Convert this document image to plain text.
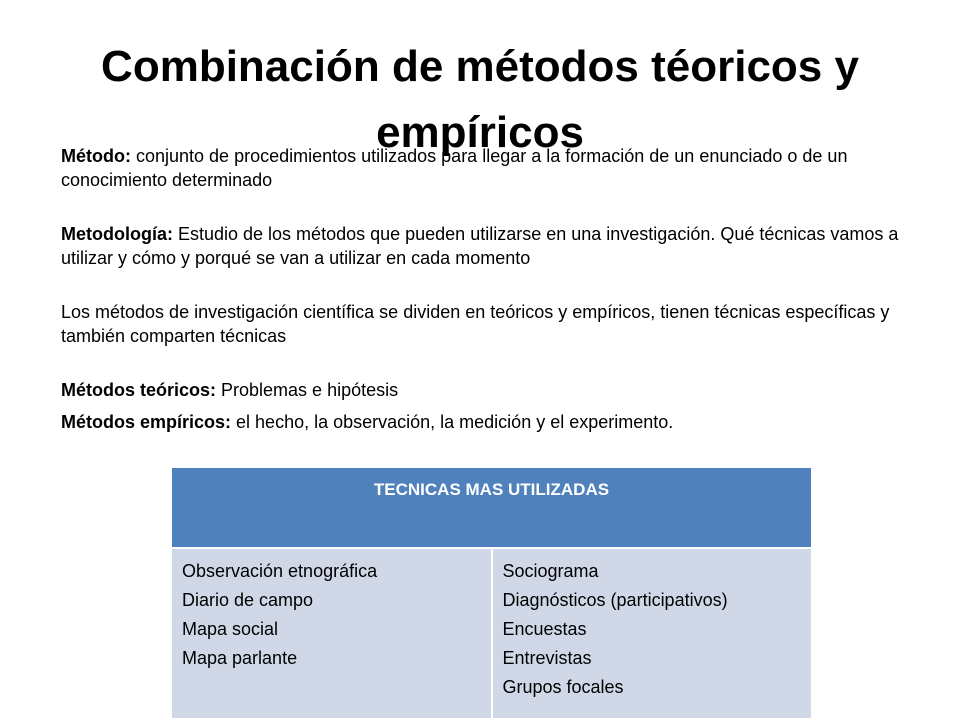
Combinación de métodos téoricos y empíricos

Método: conjunto de procedimientos utilizados para llegar a la formación de un enunciado o de un conocimiento determinado

Metodología: Estudio de los métodos que pueden utilizarse en una investigación. Qué técnicas vamos a utilizar y cómo y porqué se van a utilizar en cada momento

Los métodos de investigación científica se dividen en teóricos y empíricos, tienen técnicas específicas y también comparten técnicas

Métodos teóricos: Problemas e hipótesis

Métodos empíricos: el hecho, la observación, la medición y el experimento.

TECNICAS MAS UTILIZADAS

Observación etnográfica
Diario de campo
Mapa social
Mapa parlante

Sociograma
Diagnósticos (participativos)
Encuestas
Entrevistas
Grupos focales
